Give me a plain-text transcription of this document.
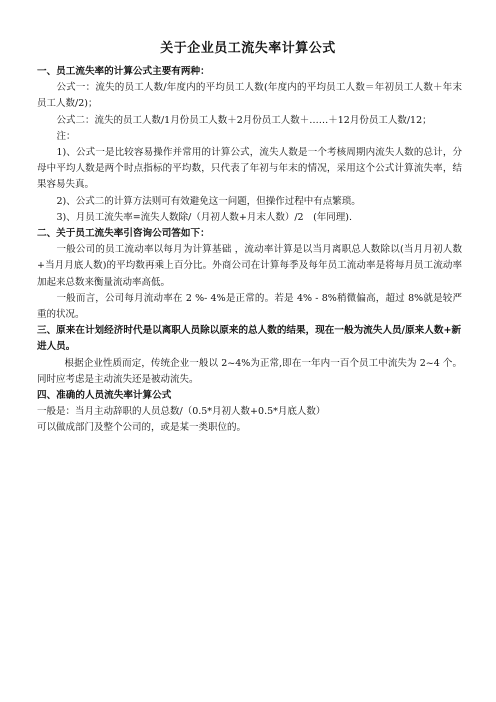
关于企业员工流失率计算公式

一、员工流失率的计算公式主要有两种：

公式一：流失的员工人数/年度内的平均员工人数(年度内的平均员工人数＝年初员工人数＋年末员工人数/2)；

公式二：流失的员工人数/1月份员工人数＋2月份员工人数＋……＋12月份员工人数/12；

注：

1)、公式一是比较容易操作并常用的计算公式，流失人数是一个考核周期内流失人数的总计，分母中平均人数是两个时点指标的平均数，只代表了年初与年末的情况，采用这个公式计算流失率，结果容易失真。

2)、公式二的计算方法则可有效避免这一问题，但操作过程中有点繁琐。

3)、月员工流失率=流失人数除/（月初人数+月末人数）/2　(年同理).

二、关于员工流失率引咨询公司答如下：

一般公司的员工流动率以每月为计算基础 ，流动率计算是以当月离职总人数除以(当月月初人数+当月月底人数)的平均数再乘上百分比。外商公司在计算每季及每年员工流动率是将每月员工流动率加起来总数来衡量流动率高低。

一般而言，公司每月流动率在 2 %- 4%是正常的。若是 4% - 8%稍微偏高，超过 8%就是较严重的状况。

三、原来在计划经济时代是以离职人员除以原来的总人数的结果，现在一般为流失人员/原来人数+新进人员。

根据企业性质而定，传统企业一般以 2~4%为正常,即在一年内一百个员工中流失为 2~4 个。同时应考虑是主动流失还是被动流失。

四、准确的人员流失率计算公式

一般是：当月主动辞职的人员总数/（0.5*月初人数+0.5*月底人数）

可以做成部门及整个公司的，或是某一类职位的。
